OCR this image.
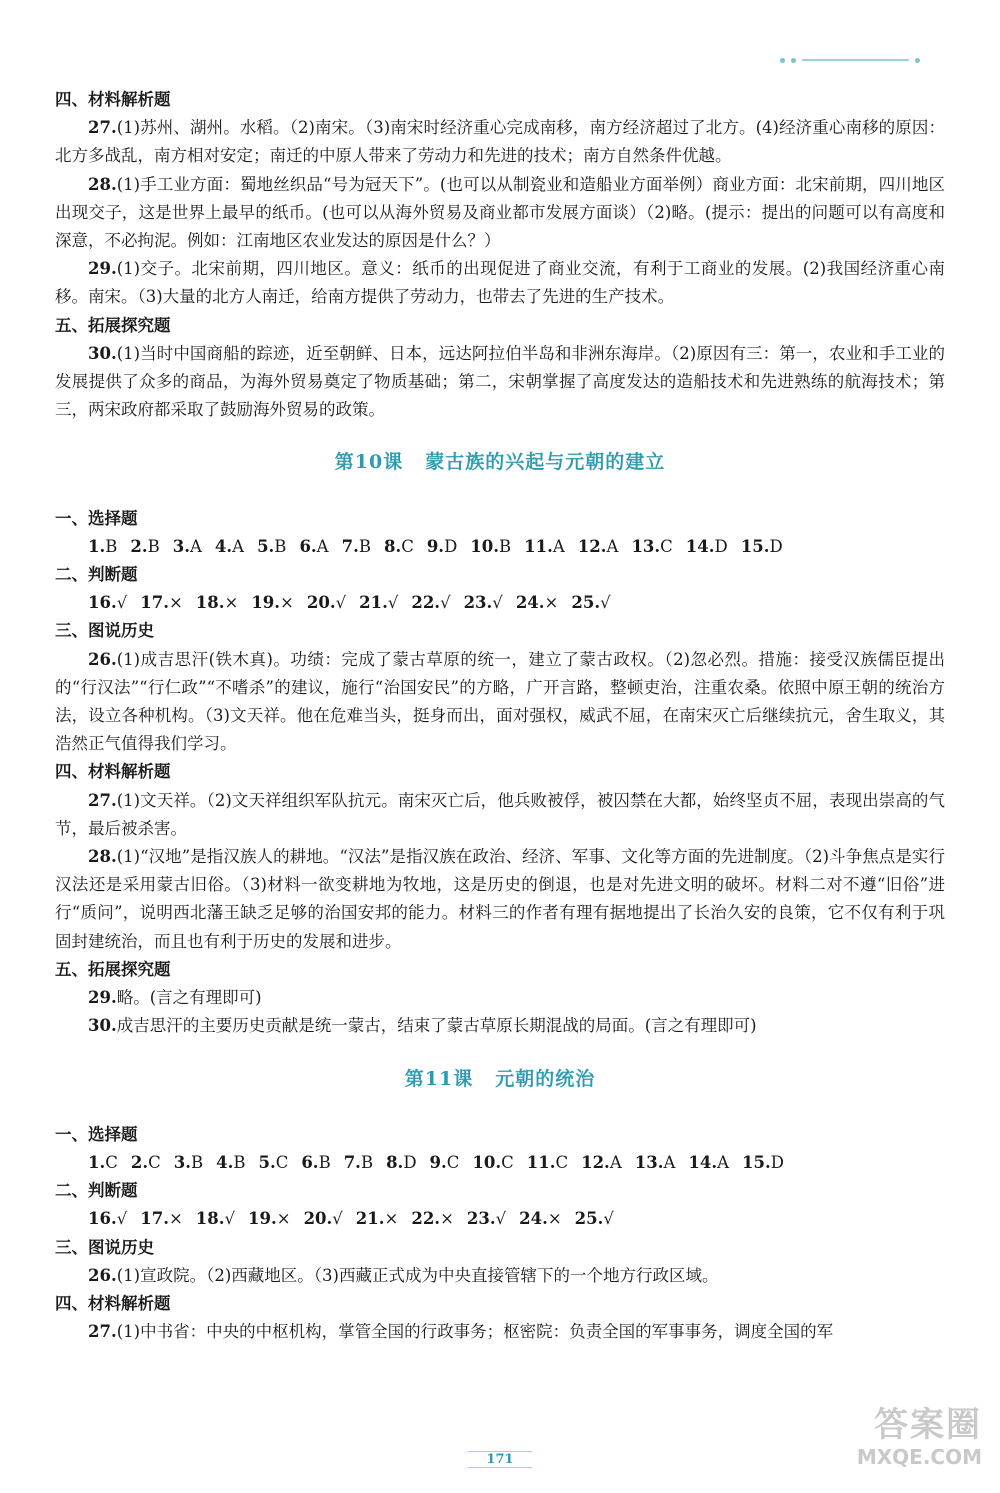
四、材料解析题

27.(1)苏州、湖州。水稻。（2)南宋。（3)南宋时经济重心完成南移，南方经济超过了北方。(4)经济重心南移的原因：北方多战乱，南方相对安定；南迁的中原人带来了劳动力和先进的技术；南方自然条件优越。

28.(1)手工业方面：蜀地丝织品“号为冠天下”。(也可以从制瓷业和造船业方面举例）商业方面：北宋前期，四川地区出现交子，这是世界上最早的纸币。(也可以从海外贸易及商业都市发展方面谈）（2)略。(提示：提出的问题可以有高度和深意，不必拘泥。例如：江南地区农业发达的原因是什么？）

29.(1)交子。北宋前期，四川地区。意义：纸币的出现促进了商业交流，有利于工商业的发展。(2)我国经济重心南移。南宋。（3)大量的北方人南迁，给南方提供了劳动力，也带去了先进的生产技术。

五、拓展探究题

30.(1)当时中国商船的踪迹，近至朝鲜、日本，远达阿拉伯半岛和非洲东海岸。（2)原因有三：第一，农业和手工业的发展提供了众多的商品，为海外贸易奠定了物质基础；第二，宋朝掌握了高度发达的造船技术和先进熟练的航海技术；第三，两宋政府都采取了鼓励海外贸易的政策。

第10课 蒙古族的兴起与元朝的建立

一、选择题

1.B 2.B 3.A 4.A 5.B 6.A 7.B 8.C 9.D 10.B 11.A 12.A 13.C 14.D 15.D

二、判断题

16.√ 17.× 18.× 19.× 20.√ 21.√ 22.√ 23.√ 24.× 25.√

三、图说历史

26.(1)成吉思汗(铁木真)。功绩：完成了蒙古草原的统一，建立了蒙古政权。（2)忽必烈。措施：接受汉族儒臣提出的“行汉法”“行仁政”“不嗜杀”的建议，施行“治国安民”的方略，广开言路，整顿吏治，注重农桑。依照中原王朝的统治方法，设立各种机构。（3)文天祥。他在危难当头，挺身而出，面对强权，威武不屈，在南宋灭亡后继续抗元，舍生取义，其浩然正气值得我们学习。

四、材料解析题

27.(1)文天祥。（2)文天祥组织军队抗元。南宋灭亡后，他兵败被俘，被囚禁在大都，始终坚贞不屈，表现出崇高的气节，最后被杀害。

28.(1)“汉地”是指汉族人的耕地。“汉法”是指汉族在政治、经济、军事、文化等方面的先进制度。（2)斗争焦点是实行汉法还是采用蒙古旧俗。（3)材料一欲变耕地为牧地，这是历史的倒退，也是对先进文明的破坏。材料二对不遵“旧俗”进行“质问”，说明西北藩王缺乏足够的治国安邦的能力。材料三的作者有理有据地提出了长治久安的良策，它不仅有利于巩固封建统治，而且也有利于历史的发展和进步。

五、拓展探究题

29.略。(言之有理即可)

30.成吉思汗的主要历史贡献是统一蒙古，结束了蒙古草原长期混战的局面。(言之有理即可)

第11课 元朝的统治

一、选择题

1.C 2.C 3.B 4.B 5.C 6.B 7.B 8.D 9.C 10.C 11.C 12.A 13.A 14.A 15.D

二、判断题

16.√ 17.× 18.√ 19.× 20.√ 21.× 22.× 23.√ 24.× 25.√

三、图说历史

26.(1)宣政院。（2)西藏地区。（3)西藏正式成为中央直接管辖下的一个地方行政区域。

四、材料解析题

27.(1)中书省：中央的中枢机构，掌管全国的行政事务；枢密院：负责全国的军事事务，调度全国的军

171
答案圈
MXQE.COM
